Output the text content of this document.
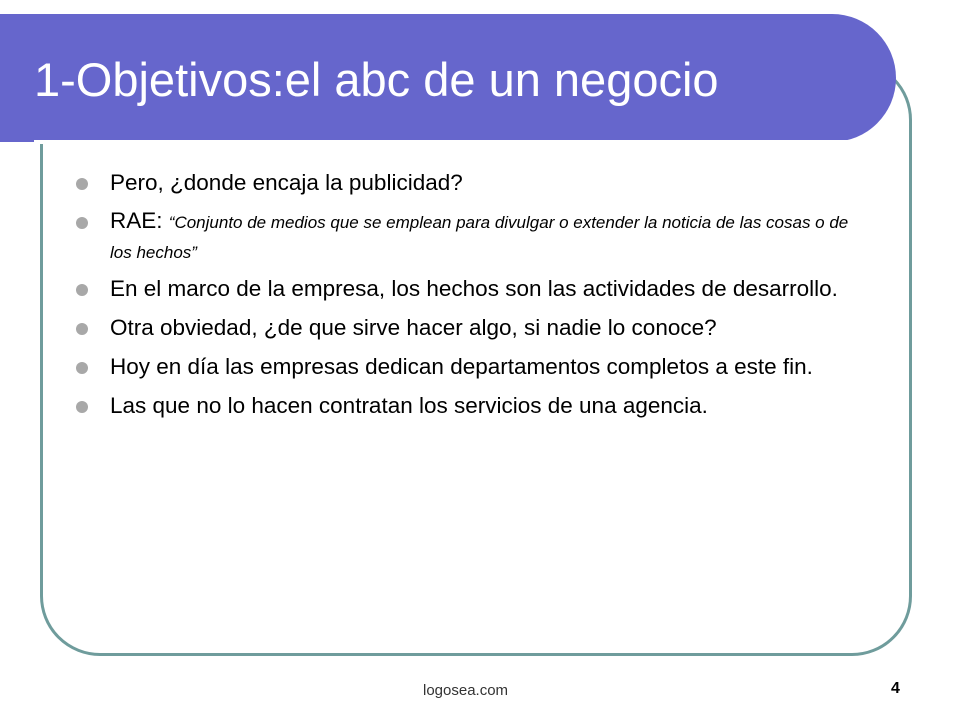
1-Objetivos:el abc de un negocio
Pero, ¿donde encaja la publicidad?
RAE: “Conjunto de medios que se emplean para divulgar o extender la noticia de las cosas o de los hechos”
En el marco de la empresa, los hechos son las actividades de desarrollo.
Otra obviedad, ¿de que sirve hacer algo, si nadie lo conoce?
Hoy en día las empresas dedican departamentos completos a este fin.
Las que no lo hacen contratan los servicios de una agencia.
logosea.com	4
